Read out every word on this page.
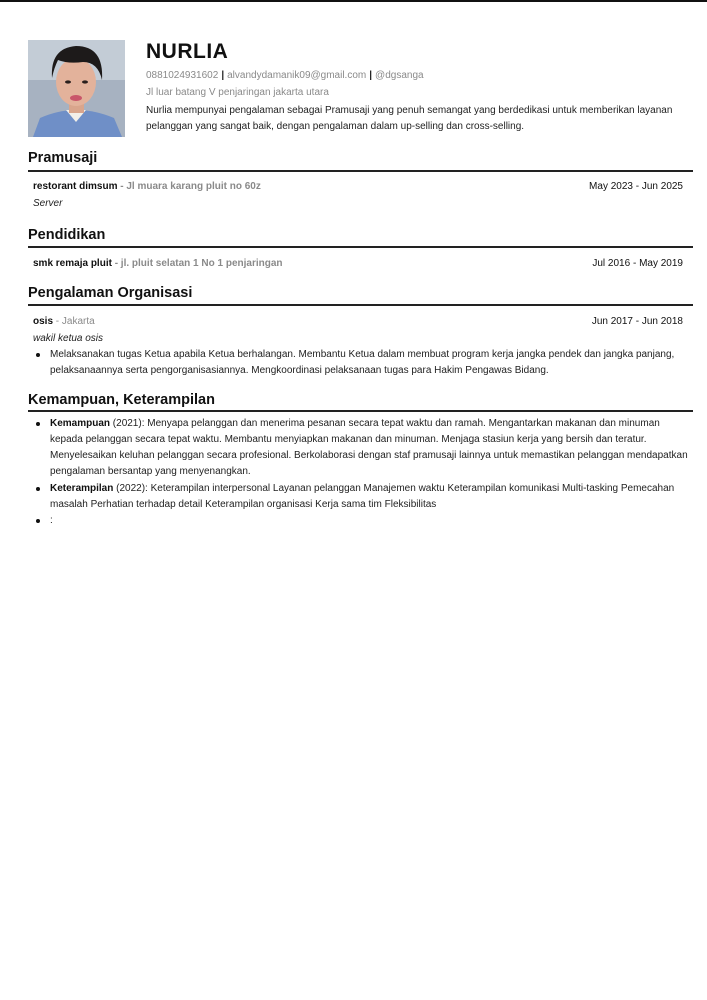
NURLIA
0881024931602 | alvandydamanik09@gmail.com | @dgsanga
Jl luar batang V penjaringan jakarta utara
Nurlia mempunyai pengalaman sebagai Pramusaji yang penuh semangat yang berdedikasi untuk memberikan layanan pelanggan yang sangat baik, dengan pengalaman dalam up-selling dan cross-selling.
Pramusaji
restorant dimsum - Jl muara karang pluit no 60z	May 2023 - Jun 2025
Server
Pendidikan
smk remaja pluit - jl. pluit selatan 1 No 1 penjaringan	Jul 2016 - May 2019
Pengalaman Organisasi
osis - Jakarta	Jun 2017 - Jun 2018
wakil ketua osis
Melaksanakan tugas Ketua apabila Ketua berhalangan. Membantu Ketua dalam membuat program kerja jangka pendek dan jangka panjang, pelaksanaannya serta pengorganisasiannya. Mengkoordinasi pelaksanaan tugas para Hakim Pengawas Bidang.
Kemampuan, Keterampilan
Kemampuan (2021): Menyapa pelanggan dan menerima pesanan secara tepat waktu dan ramah. Mengantarkan makanan dan minuman kepada pelanggan secara tepat waktu. Membantu menyiapkan makanan dan minuman. Menjaga stasiun kerja yang bersih dan teratur. Menyelesaikan keluhan pelanggan secara profesional. Berkolaborasi dengan staf pramusaji lainnya untuk memastikan pelanggan mendapatkan pengalaman bersantap yang menyenangkan.
Keterampilan (2022): Keterampilan interpersonal Layanan pelanggan Manajemen waktu Keterampilan komunikasi Multi-tasking Pemecahan masalah Perhatian terhadap detail Keterampilan organisasi Kerja sama tim Fleksibilitas
:
